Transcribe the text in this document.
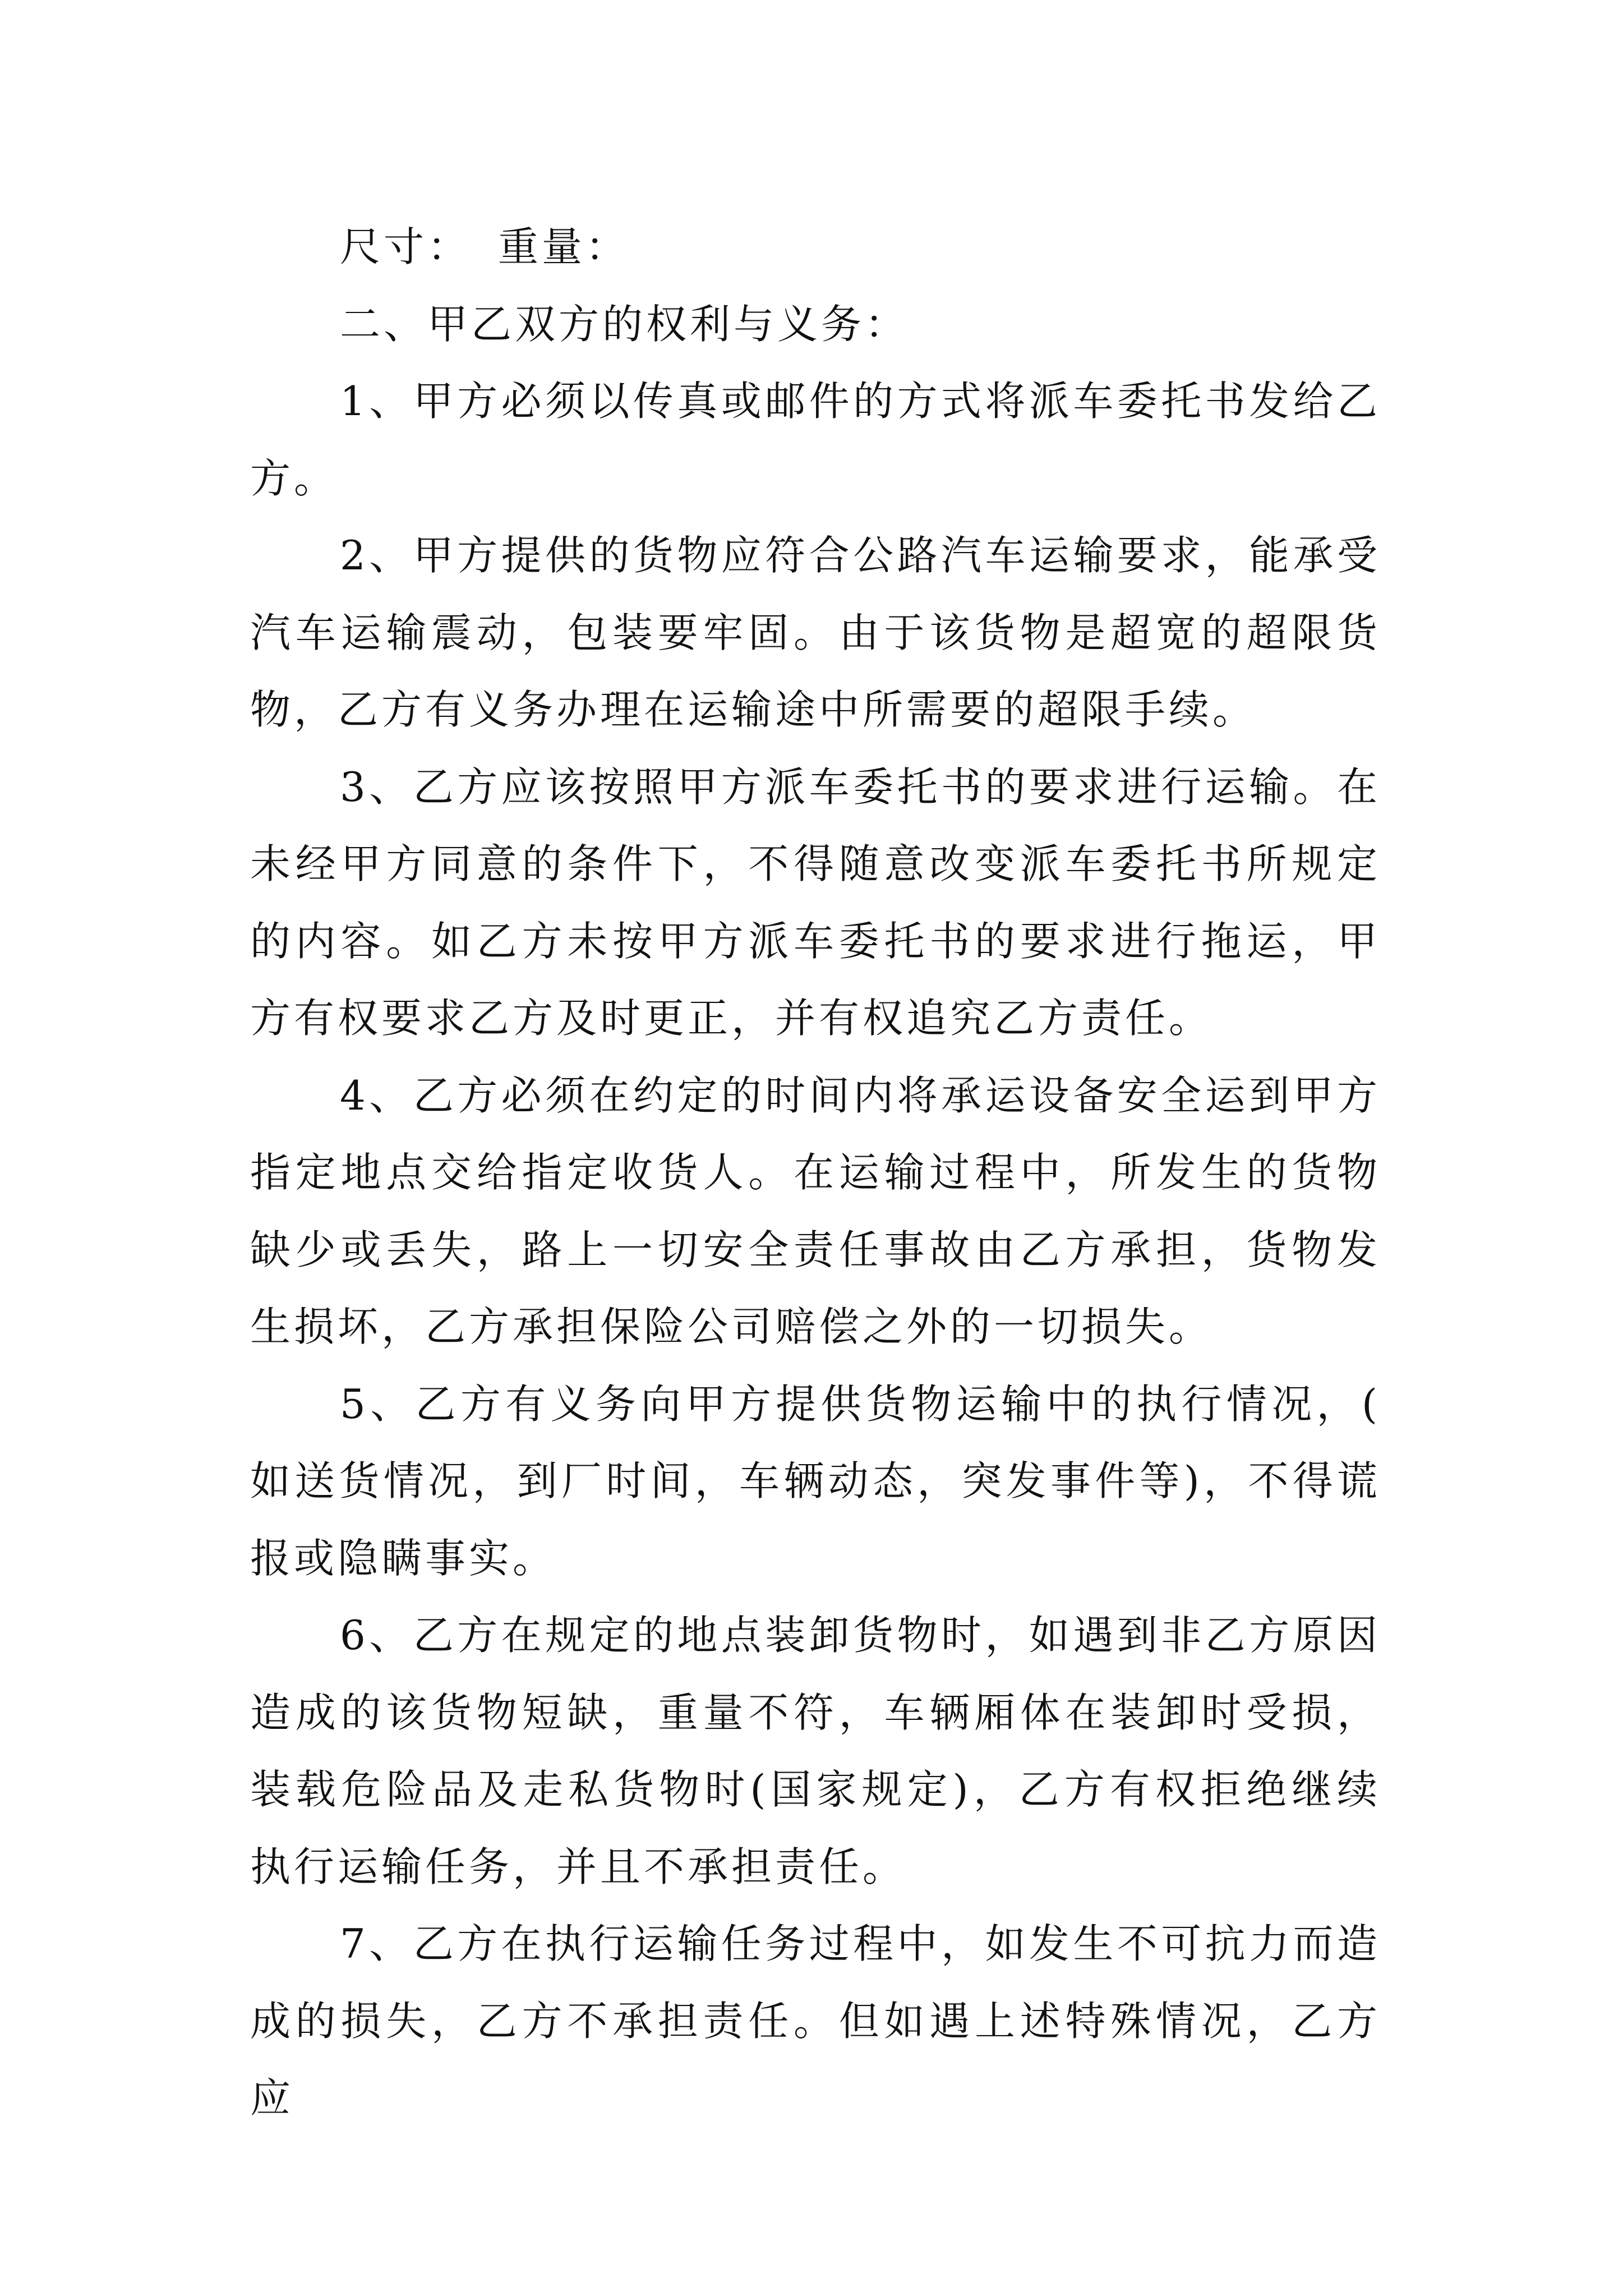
尺寸： 重量：

二、甲乙双方的权利与义务：

1、甲方必须以传真或邮件的方式将派车委托书发给乙方。

2、甲方提供的货物应符合公路汽车运输要求，能承受汽车运输震动，包装要牢固。由于该货物是超宽的超限货物，乙方有义务办理在运输途中所需要的超限手续。

3、乙方应该按照甲方派车委托书的要求进行运输。在未经甲方同意的条件下，不得随意改变派车委托书所规定的内容。如乙方未按甲方派车委托书的要求进行拖运，甲方有权要求乙方及时更正，并有权追究乙方责任。

4、乙方必须在约定的时间内将承运设备安全运到甲方指定地点交给指定收货人。在运输过程中，所发生的货物缺少或丢失，路上一切安全责任事故由乙方承担，货物发生损坏，乙方承担保险公司赔偿之外的一切损失。

5、乙方有义务向甲方提供货物运输中的执行情况，(如送货情况，到厂时间，车辆动态，突发事件等)，不得谎报或隐瞒事实。

6、乙方在规定的地点装卸货物时，如遇到非乙方原因造成的该货物短缺，重量不符，车辆厢体在装卸时受损，装载危险品及走私货物时(国家规定)，乙方有权拒绝继续执行运输任务，并且不承担责任。

7、乙方在执行运输任务过程中，如发生不可抗力而造成的损失，乙方不承担责任。但如遇上述特殊情况，乙方应
